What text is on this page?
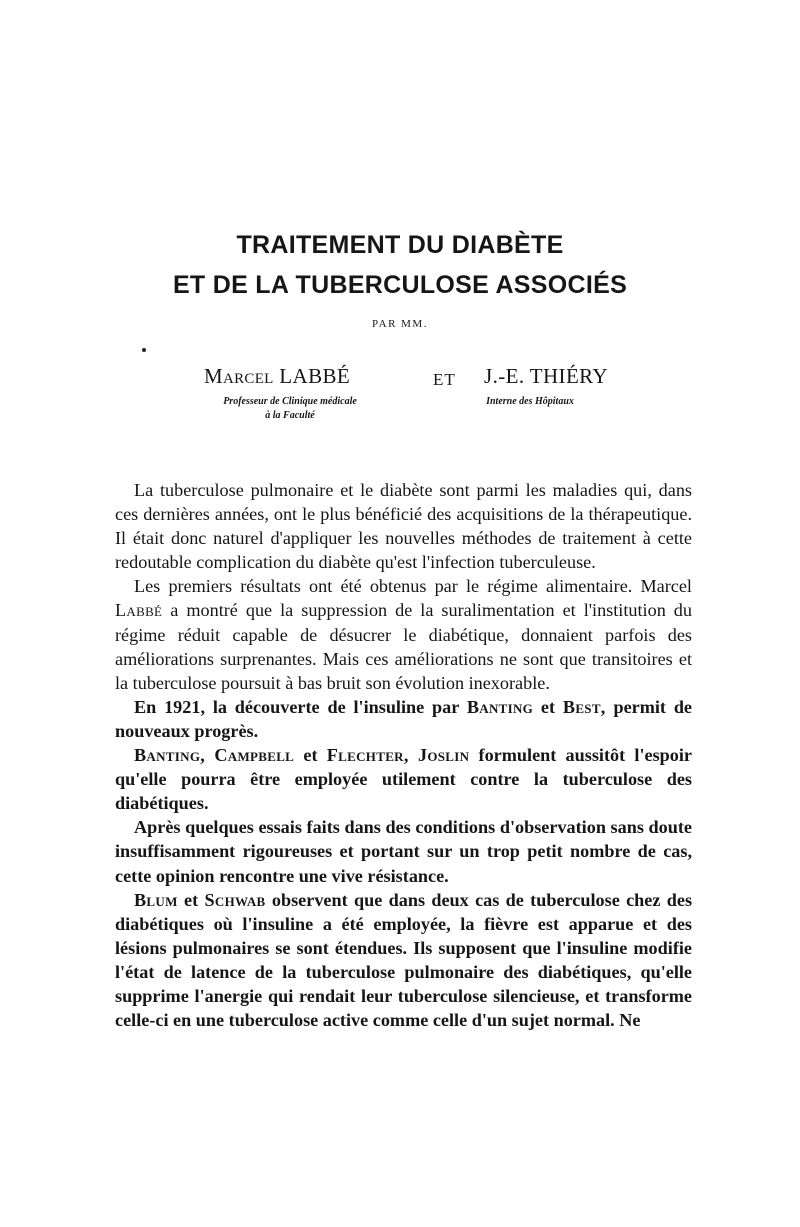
TRAITEMENT DU DIABÈTE
ET DE LA TUBERCULOSE ASSOCIÉS
PAR MM.
Marcel LABBÉ	ET J.-E. THIÉRY
Professeur de Clinique médicale
à la Faculté
Interne des Hôpitaux

La tuberculose pulmonaire et le diabète sont parmi les maladies qui, dans ces dernières années, ont le plus bénéficié des acquisitions de la thérapeutique. Il était donc naturel d'appliquer les nouvelles méthodes de traitement à cette redoutable complication du diabète qu'est l'infection tuberculeuse.

Les premiers résultats ont été obtenus par le régime alimentaire. Marcel Labbé a montré que la suppression de la suralimentation et l'institution du régime réduit capable de désucrer le diabétique, donnaient parfois des améliorations surprenantes. Mais ces améliorations ne sont que transitoires et la tuberculose poursuit à bas bruit son évolution inexorable.

En 1921, la découverte de l'insuline par Banting et Best, permit de nouveaux progrès.

Banting, Campbell et Flechter, Joslin formulent aussitôt l'espoir qu'elle pourra être employée utilement contre la tuberculose des diabétiques.

Après quelques essais faits dans des conditions d'observation sans doute insuffisamment rigoureuses et portant sur un trop petit nombre de cas, cette opinion rencontre une vive résistance.

Blum et Schwab observent que dans deux cas de tuberculose chez des diabétiques où l'insuline a été employée, la fièvre est apparue et des lésions pulmonaires se sont étendues. Ils supposent que l'insuline modifie l'état de latence de la tuberculose pulmonaire des diabétiques, qu'elle supprime l'anergie qui rendait leur tuberculose silencieuse, et transforme celle-ci en une tuberculose active comme celle d'un sujet normal. Ne
